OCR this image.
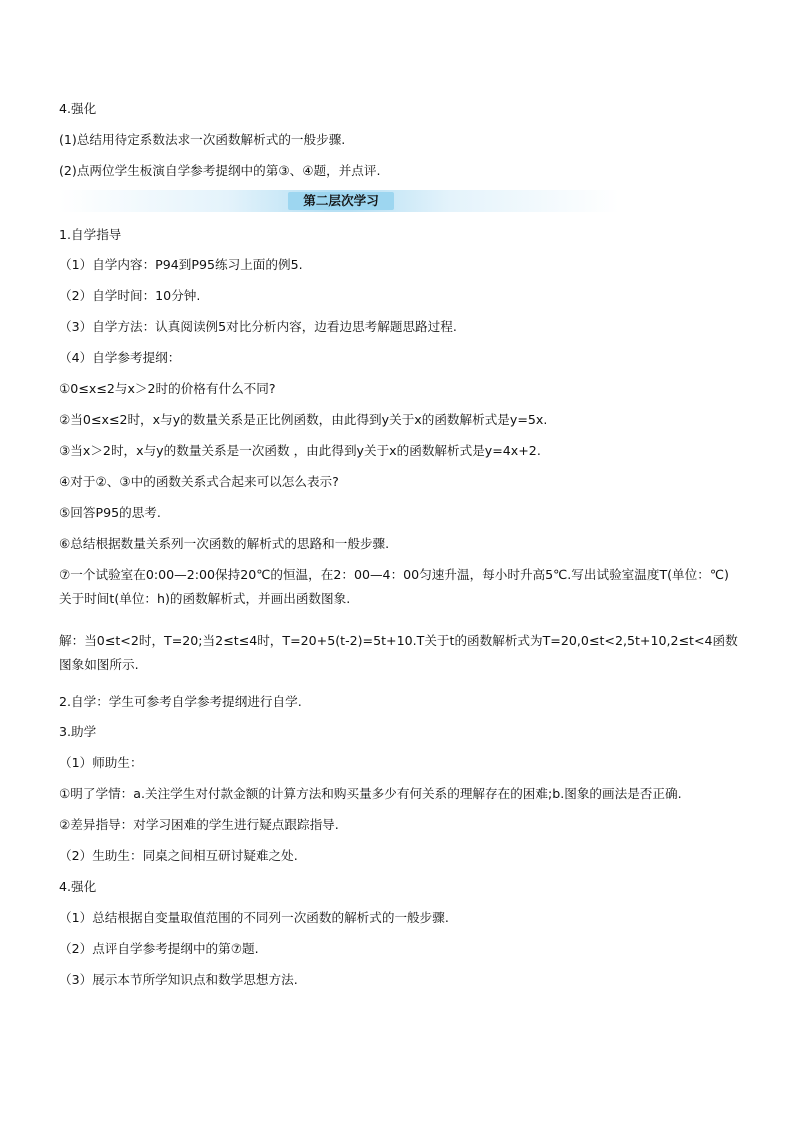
4.强化
(1)总结用待定系数法求一次函数解析式的一般步骤.
(2)点两位学生板演自学参考提纲中的第③、④题，并点评.
第二层次学习
1.自学指导
（1）自学内容：P94到P95练习上面的例5.
（2）自学时间：10分钟.
（3）自学方法：认真阅读例5对比分析内容，边看边思考解题思路过程.
（4）自学参考提纲：
①0≤x≤2与x＞2时的价格有什么不同?
②当0≤x≤2时，x与y的数量关系是正比例函数，由此得到y关于x的函数解析式是y=5x.
③当x＞2时，x与y的数量关系是一次函数 ，由此得到y关于x的函数解析式是y=4x+2.
④对于②、③中的函数关系式合起来可以怎么表示?
⑤回答P95的思考.
⑥总结根据数量关系列一次函数的解析式的思路和一般步骤.
⑦一个试验室在0:00—2:00保持20℃的恒温，在2：00—4：00匀速升温，每小时升高5℃.写出试验室温度T(单位：℃)关于时间t(单位：h)的函数解析式，并画出函数图象.
解：当0≤t<2时，T=20;当2≤t≤4时，T=20+5(t-2)=5t+10.T关于t的函数解析式为T=20,0≤t<2,5t+10,2≤t<4函数图象如图所示.
2.自学：学生可参考自学参考提纲进行自学.
3.助学
（1）师助生：
①明了学情：a.关注学生对付款金额的计算方法和购买量多少有何关系的理解存在的困难;b.图象的画法是否正确.
②差异指导：对学习困难的学生进行疑点跟踪指导.
（2）生助生：同桌之间相互研讨疑难之处.
4.强化
（1）总结根据自变量取值范围的不同列一次函数的解析式的一般步骤.
（2）点评自学参考提纲中的第⑦题.
（3）展示本节所学知识点和数学思想方法.
